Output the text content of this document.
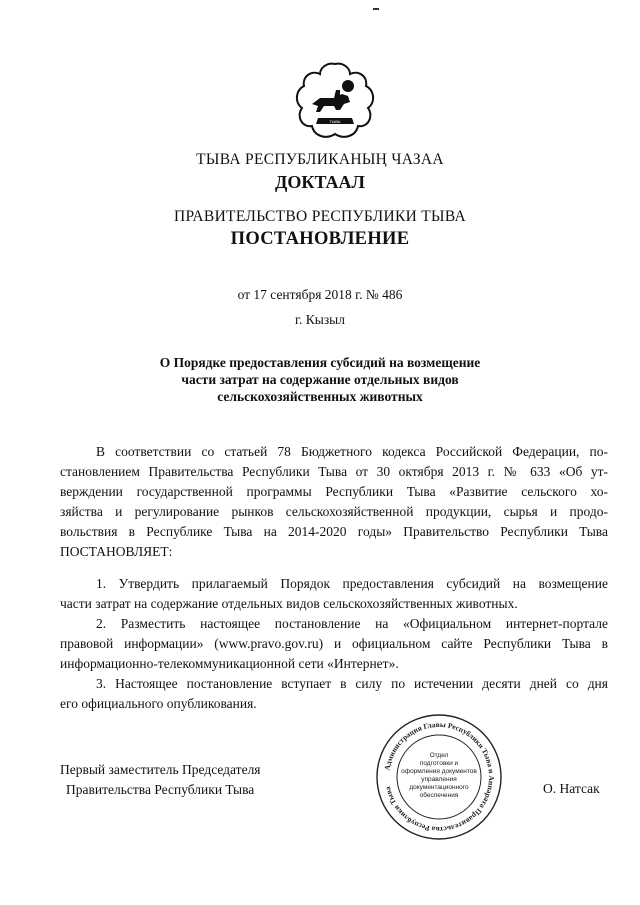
ТЫВА
ТЫВА РЕСПУБЛИКАНЫҢ ЧАЗАА
ДОКТААЛ
ПРАВИТЕЛЬСТВО РЕСПУБЛИКИ ТЫВА
ПОСТАНОВЛЕНИЕ
от 17 сентября 2018 г. № 486
г. Кызыл
О Порядке предоставления субсидий на возмещение
части затрат на содержание отдельных видов
сельскохозяйственных животных
В соответствии со статьей 78 Бюджетного кодекса Российской Федерации, по-
становлением Правительства Республики Тыва от 30 октября 2013 г. № 633 «Об ут-
верждении государственной программы Республики Тыва «Развитие сельского хо-
зяйства и регулирование рынков сельскохозяйственной продукции, сырья и продо-
вольствия в Республике Тыва на 2014-2020 годы» Правительство Республики Тыва
ПОСТАНОВЛЯЕТ:
1. Утвердить прилагаемый Порядок предоставления субсидий на возмещение
части затрат на содержание отдельных видов сельскохозяйственных животных.
2. Разместить настоящее постановление на «Официальном интернет-портале
правовой информации» (www.pravo.gov.ru) и официальном сайте Республики Тыва в
информационно-телекоммуникационной сети «Интернет».
3. Настоящее постановление вступает в силу по истечении десяти дней со дня
его официального опубликования.
Первый заместитель Председателя
Правительства Республики Тыва
Администрация Главы Республики Тыва и Аппарата Правительства Республики Тыва
Отдел
подготовки и
оформления документов
управления
документационного
обеспечения	О. Натсак
